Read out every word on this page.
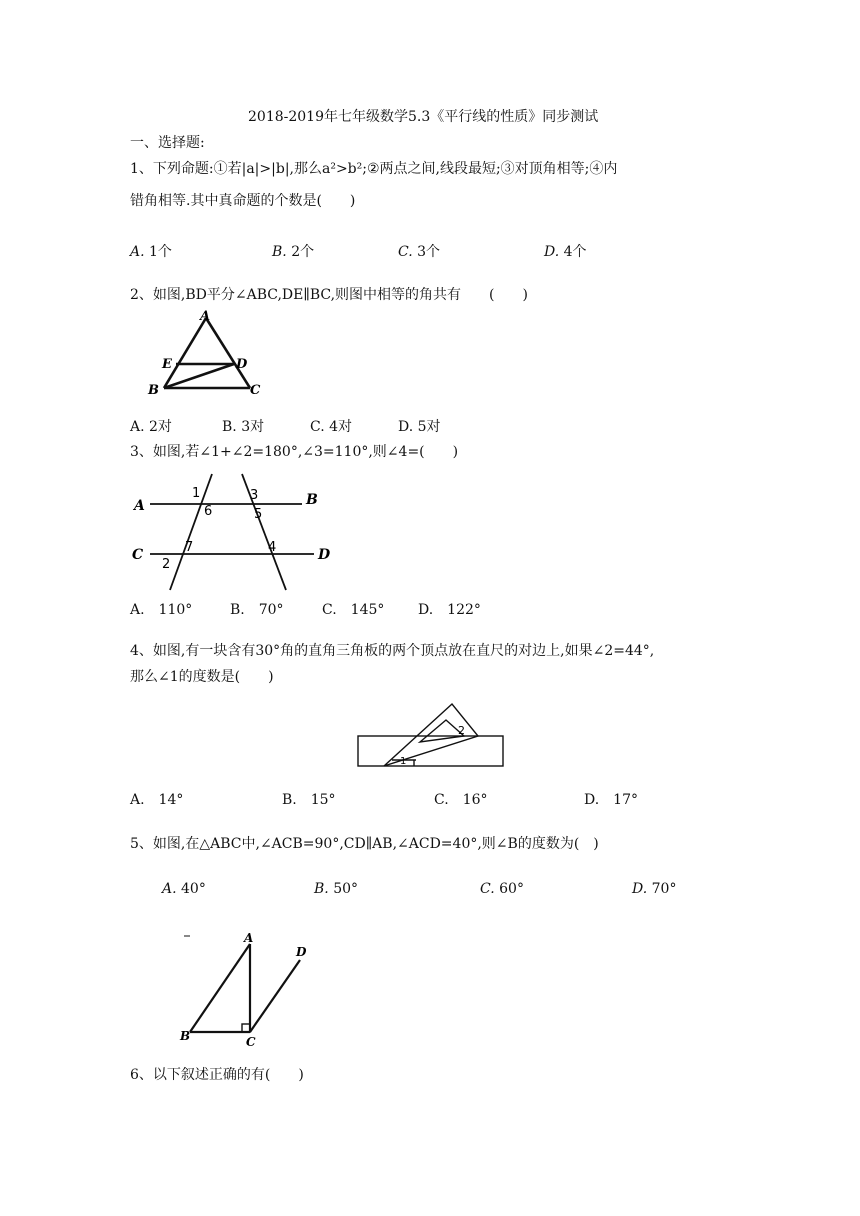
2018-2019年七年级数学5.3《平行线的性质》同步测试
一、选择题:
1、下列命题:①若|a|>|b|,那么a²>b²;②两点之间,线段最短;③对顶角相等;④内
错角相等.其中真命题的个数是(　　)
A. 1个	B. 2个	C. 3个	D. 4个
2、如图,BD平分∠ABC,DE∥BC,则图中相等的角共有　　(　　)
A
E	D
B	C
A. 2对	B. 3对	C. 4对	D. 5对
3、如图,若∠1+∠2=180°,∠3=110°,则∠4=(　　)
A	B
C	D
1
6
3
5
7
2
4
A.　110°	B.　70°	C.　145° D.　122°
4、如图,有一块含有30°角的直角三角板的两个顶点放在直尺的对边上,如果∠2=44°,
那么∠1的度数是(　　)
2
1
A.　14°	B.　15°	C.　16°	D.　17°
5、如图,在△ABC中,∠ACB=90°,CD∥AB,∠ACD=40°,则∠B的度数为(　)
A. 40°	B. 50°	C. 60°	D. 70°
A
D
B	C
6、以下叙述正确的有(　　)
